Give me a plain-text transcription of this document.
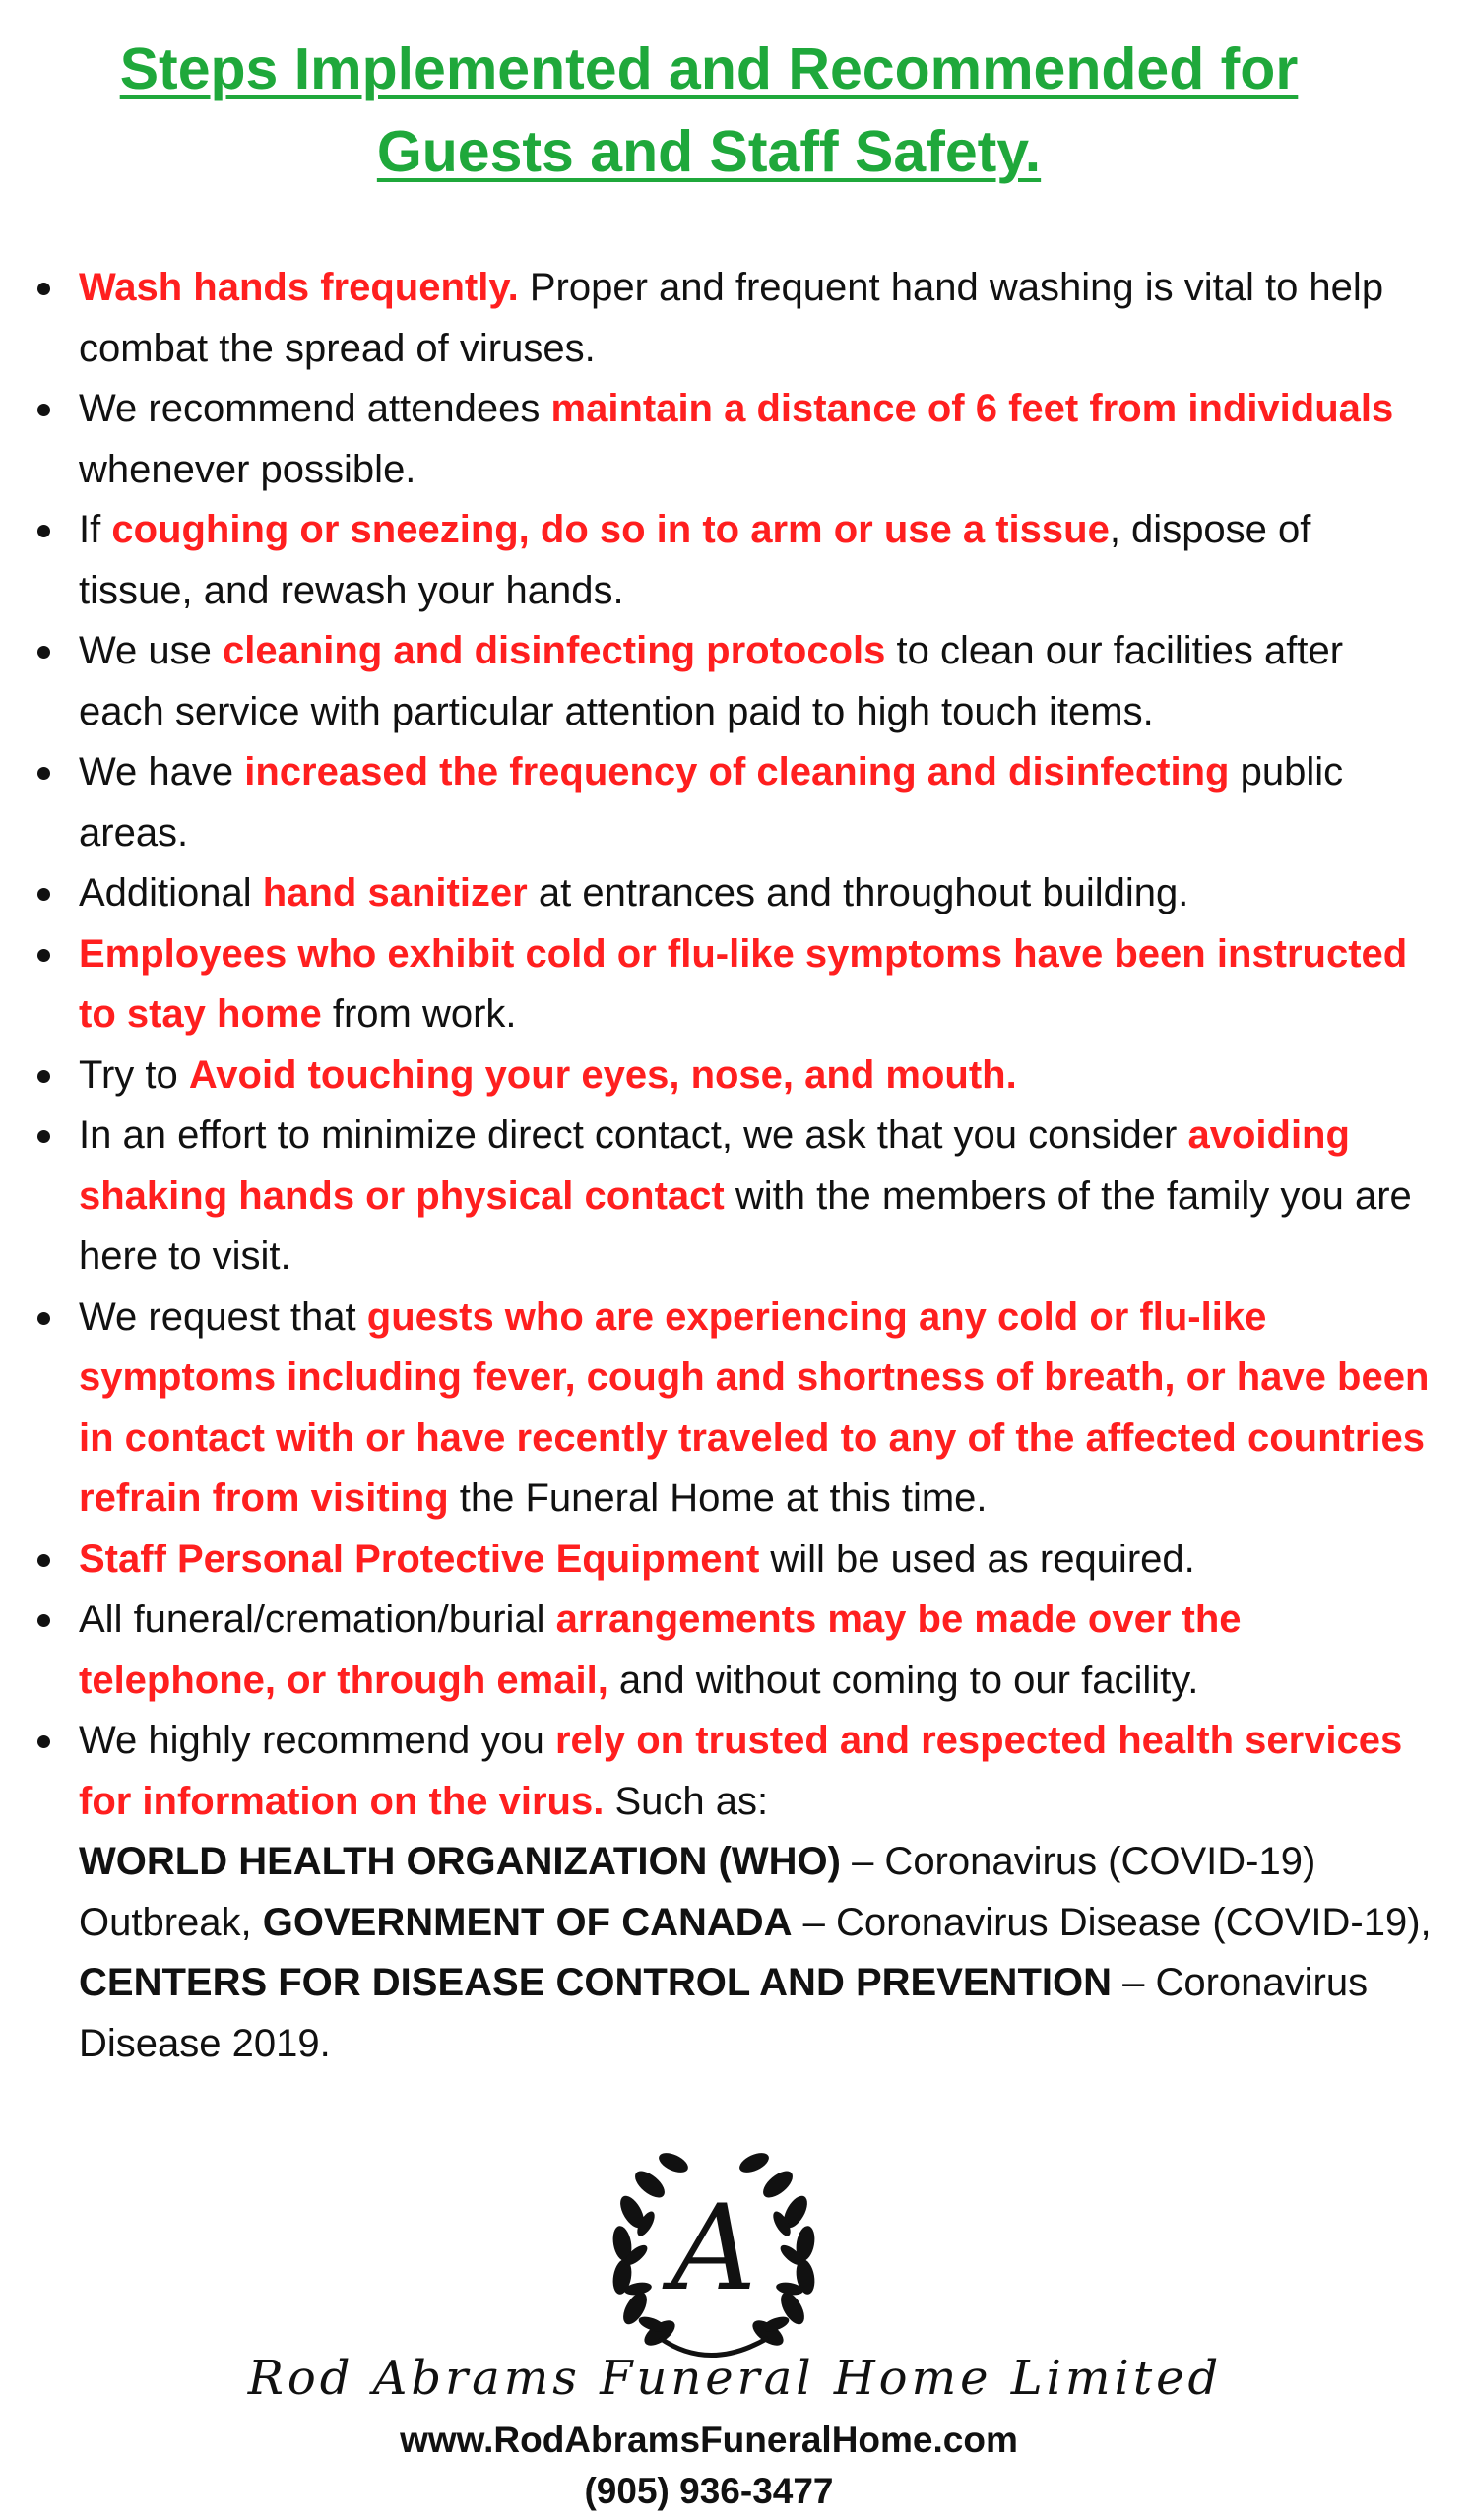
Steps Implemented and Recommended for
Guests and Staff Safety.
Wash hands frequently. Proper and frequent hand washing is vital to help combat the spread of viruses.
We recommend attendees maintain a distance of 6 feet from individuals whenever possible.
If coughing or sneezing, do so in to arm or use a tissue, dispose of tissue, and rewash your hands.
We use cleaning and disinfecting protocols to clean our facilities after each service with particular attention paid to high touch items.
We have increased the frequency of cleaning and disinfecting public areas.
Additional hand sanitizer at entrances and throughout building.
Employees who exhibit cold or flu-like symptoms have been instructed to stay home from work.
Try to Avoid touching your eyes, nose, and mouth.
In an effort to minimize direct contact, we ask that you consider avoiding shaking hands or physical contact with the members of the family you are here to visit.
We request that guests who are experiencing any cold or flu-like symptoms including fever, cough and shortness of breath, or have been in contact with or have recently traveled to any of the affected countries refrain from visiting the Funeral Home at this time.
Staff Personal Protective Equipment will be used as required.
All funeral/cremation/burial arrangements may be made over the telephone, or through email, and without coming to our facility.
We highly recommend you rely on trusted and respected health services for information on the virus. Such as:
WORLD HEALTH ORGANIZATION (WHO) – Coronavirus (COVID-19) Outbreak, GOVERNMENT OF CANADA – Coronavirus Disease (COVID-19), CENTERS FOR DISEASE CONTROL AND PREVENTION – Coronavirus Disease 2019.
A
Rod Abrams Funeral Home Limited
www.RodAbramsFuneralHome.com
(905) 936-3477
